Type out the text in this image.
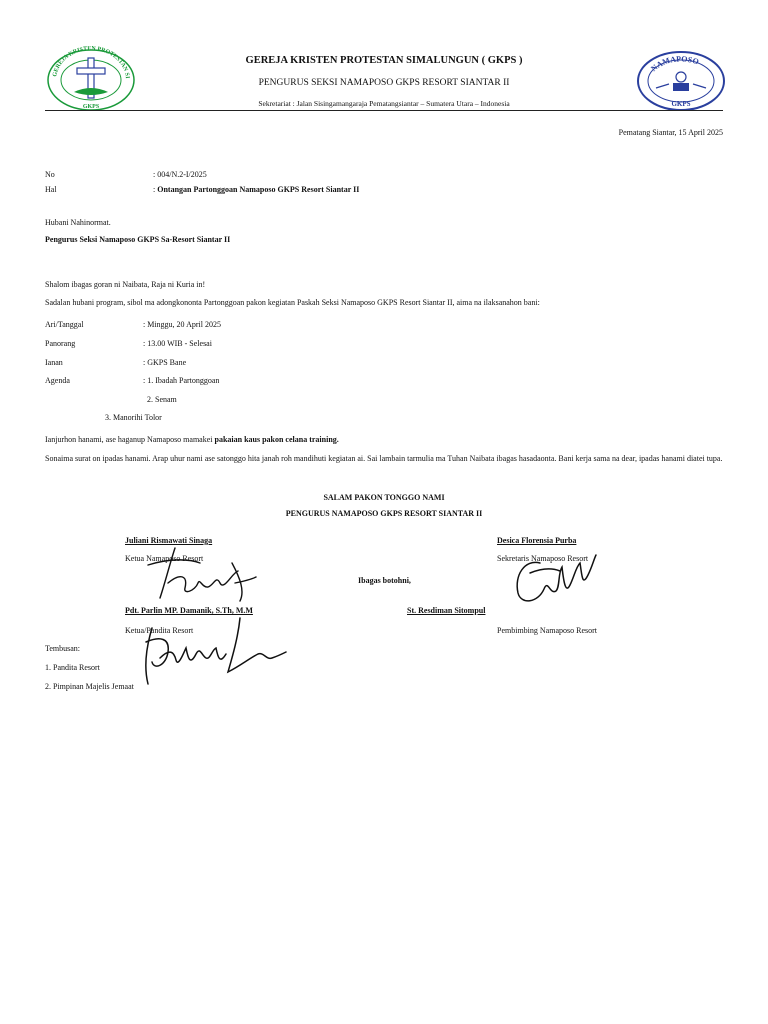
GEREJA KRISTEN PROTESTAN SI
GKPS
NAMAPOSO
GKPS
GEREJA KRISTEN PROTESTAN SIMALUNGUN ( GKPS )
PENGURUS SEKSI NAMAPOSO GKPS RESORT SIANTAR II
Sekretariat : Jalan Sisingamangaraja Pematangsiantar – Sumatera Utara – Indonesia
Pematang Siantar, 15 April 2025
No	: 004/N.2-I/2025
Hal	: Ontangan Partonggoan Namaposo GKPS Resort Siantar II
Hubani Nahinormat.
Pengurus Seksi Namaposo GKPS Sa-Resort Siantar II
Shalom ibagas goran ni Naibata, Raja ni Kuria in!
Sadalan hubani program, sibol ma adongkononta Partonggoan pakon kegiatan Paskah Seksi Namaposo GKPS Resort Siantar II, aima na ilaksanahon bani:
Ari/Tanggal	: Minggu, 20 April 2025
Panorang	: 13.00 WIB - Selesai
Ianan	: GKPS Bane
Agenda	: 1. Ibadah Partonggoan
2. Senam
3. Manorihi Tolor
Ianjurhon hanami, ase haganup Namaposo mamakei pakaian kaus pakon celana training.
Sonaima surat on ipadas hanami. Arap uhur nami ase satonggo hita janah roh mandihuti kegiatan ai. Sai lambain tarmulia ma Tuhan Naibata ibagas hasadaonta. Bani kerja sama na dear, ipadas hanami diatei tupa.
SALAM PAKON TONGGO NAMI
PENGURUS NAMAPOSO GKPS RESORT SIANTAR II
Juliani Rismawati Sinaga
Ketua Namaposo Resort
Desica Florensia Purba
Sekretaris Namaposo Resort
Ibagas botohni,
Pdt. Parlin MP. Damanik, S.Th, M.M
Ketua/Pandita Resort
St. Resdiman Sitompul
Pembimbing Namaposo Resort
Tembusan:
1. Pandita Resort
2. Pimpinan Majelis Jemaat
